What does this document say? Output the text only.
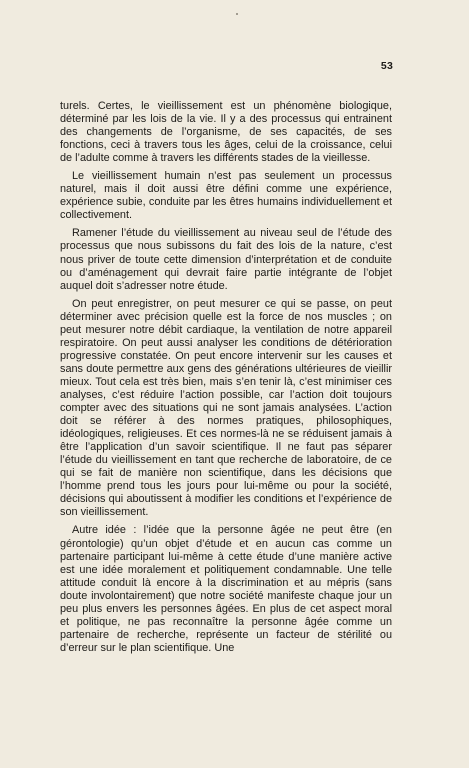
53

turels. Certes, le vieillissement est un phénomène biologique, déterminé par les lois de la vie. Il y a des processus qui entrainent des changements de l’organisme, de ses capacités, de ses fonctions, ceci à travers tous les âges, celui de la croissance, celui de l’adulte comme à travers les différents stades de la vieillesse.

Le vieillissement humain n’est pas seulement un processus naturel, mais il doit aussi être défini comme une expérience, expérience subie, conduite par les êtres humains individuellement et collectivement.

Ramener l’étude du vieillissement au niveau seul de l’étude des processus que nous subissons du fait des lois de la nature, c’est nous priver de toute cette dimension d’interprétation et de conduite ou d’aménagement qui devrait faire partie intégrante de l’objet auquel doit s’adresser notre étude.

On peut enregistrer, on peut mesurer ce qui se passe, on peut déterminer avec précision quelle est la force de nos muscles ; on peut mesurer notre débit cardiaque, la ventilation de notre appareil respiratoire. On peut aussi analyser les conditions de détérioration progressive constatée. On peut encore intervenir sur les causes et sans doute permettre aux gens des générations ultérieures de vieillir mieux. Tout cela est très bien, mais s’en tenir là, c’est minimiser ces analyses, c’est réduire l’action possible, car l’action doit toujours compter avec des situations qui ne sont jamais analysées. L’action doit se référer à des normes pratiques, philosophiques, idéologiques, religieuses. Et ces normes-là ne se réduisent jamais à être l’application d’un savoir scientifique. Il ne faut pas séparer l’étude du vieillissement en tant que recherche de laboratoire, de ce qui se fait de manière non scientifique, dans les décisions que l’homme prend tous les jours pour lui-même ou pour la société, décisions qui aboutissent à modifier les conditions et l’expérience de son vieillissement.

Autre idée : l’idée que la personne âgée ne peut être (en gérontologie) qu’un objet d’étude et en aucun cas comme un partenaire participant lui-même à cette étude d’une manière active est une idée moralement et politiquement condamnable. Une telle attitude conduit là encore à la discrimination et au mépris (sans doute involontairement) que notre société manifeste chaque jour un peu plus envers les personnes âgées. En plus de cet aspect moral et politique, ne pas reconnaître la personne âgée comme un partenaire de recherche, représente un facteur de stérilité ou d’erreur sur le plan scientifique. Une
